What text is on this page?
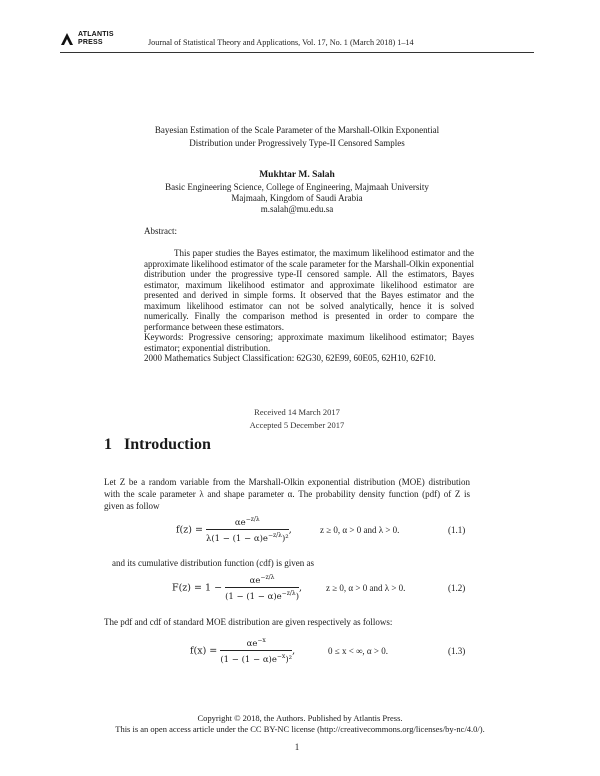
ATLANTIS
PRESS	Journal of Statistical Theory and Applications, Vol. 17, No. 1 (March 2018) 1–14
Bayesian Estimation of the Scale Parameter of the Marshall-Olkin Exponential
Distribution under Progressively Type-II Censored Samples
Mukhtar M. Salah
Basic Engineering Science, College of Engineering, Majmaah University
Majmaah, Kingdom of Saudi Arabia
m.salah@mu.edu.sa
Abstract:

This paper studies the Bayes estimator, the maximum likelihood estimator and the approximate likelihood estimator of the scale parameter for the Marshall-Olkin exponential distribution under the progressive type-II censored sample. All the estimators, Bayes estimator, maximum likelihood estimator and approximate likelihood estimator are presented and derived in simple forms. It observed that the Bayes estimator and the maximum likelihood estimator can not be solved analytically, hence it is solved numerically. Finally the comparison method is presented in order to compare the performance between these estimators.

Keywords: Progressive censoring; approximate maximum likelihood estimator; Bayes estimator; exponential distribution.

2000 Mathematics Subject Classification: 62G30, 62E99, 60E05, 62H10, 62F10.

Received 14 March 2017
Accepted 5 December 2017
1 Introduction
Let Z be a random variable from the Marshall-Olkin exponential distribution (MOE) distribution with the scale parameter λ and shape parameter α. The probability density function (pdf) of Z is given as follow
$f(z) = \frac{\alpha e^{-z/\lambda}}{\lambda(1 - (1 - \alpha)e^{-z/\lambda})^2}$ ,	z ≥ 0, α > 0 and λ > 0.	(1.1)
and its cumulative distribution function (cdf) is given as
$F(z) = 1 - \frac{\alpha e^{-z/\lambda}}{(1 - (1 - \alpha)e^{-z/\lambda})}$ ,	z ≥ 0, α > 0 and λ > 0.	(1.2)
The pdf and cdf of standard MOE distribution are given respectively as follows:
$f(x) = \frac{\alpha e^{-x}}{(1 - (1 - \alpha)e^{-x})^2}$ ,	0 ≤ x < ∞, α > 0.	(1.3)
Copyright © 2018, the Authors. Published by Atlantis Press.
This is an open access article under the CC BY-NC license (http://creativecommons.org/licenses/by-nc/4.0/).
1
